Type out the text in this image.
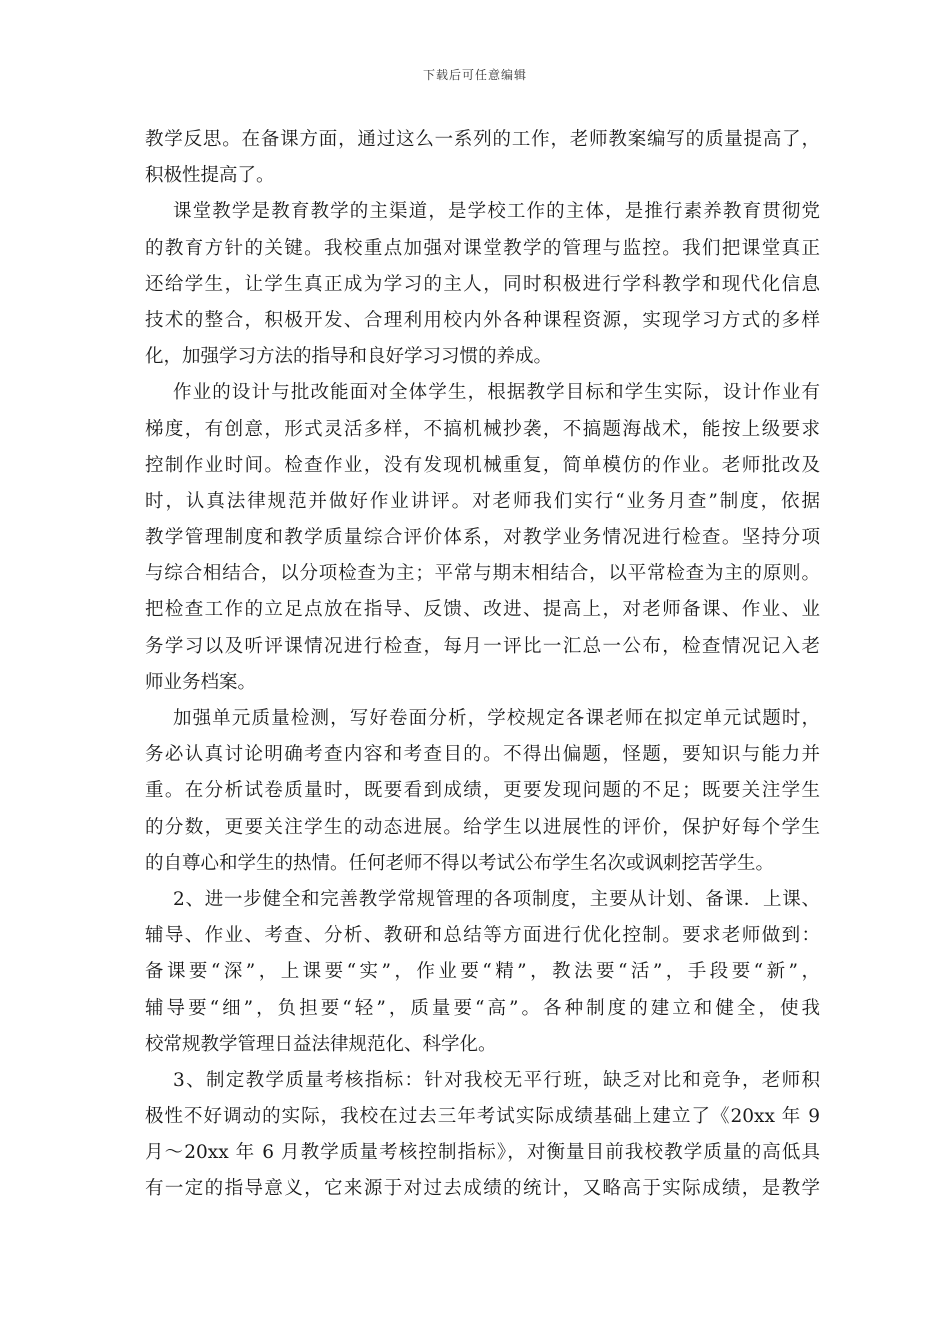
下载后可任意编辑
教学反思。在备课方面，通过这么一系列的工作，老师教案编写的质量提高了，
积极性提高了。
课堂教学是教育教学的主渠道，是学校工作的主体，是推行素养教育贯彻党
的教育方针的关键。我校重点加强对课堂教学的管理与监控。我们把课堂真正
还给学生，让学生真正成为学习的主人，同时积极进行学科教学和现代化信息
技术的整合，积极开发、合理利用校内外各种课程资源，实现学习方式的多样
化，加强学习方法的指导和良好学习习惯的养成。
作业的设计与批改能面对全体学生，根据教学目标和学生实际，设计作业有
梯度，有创意，形式灵活多样，不搞机械抄袭，不搞题海战术，能按上级要求
控制作业时间。检查作业，没有发现机械重复，简单模仿的作业。老师批改及
时，认真法律规范并做好作业讲评。对老师我们实行“业务月查”制度，依据
教学管理制度和教学质量综合评价体系，对教学业务情况进行检查。坚持分项
与综合相结合，以分项检查为主；平常与期末相结合，以平常检查为主的原则。
把检查工作的立足点放在指导、反馈、改进、提高上，对老师备课、作业、业
务学习以及听评课情况进行检查，每月一评比一汇总一公布，检查情况记入老
师业务档案。
加强单元质量检测，写好卷面分析，学校规定各课老师在拟定单元试题时，
务必认真讨论明确考查内容和考查目的。不得出偏题，怪题，要知识与能力并
重。在分析试卷质量时，既要看到成绩，更要发现问题的不足；既要关注学生
的分数，更要关注学生的动态进展。给学生以进展性的评价，保护好每个学生
的自尊心和学生的热情。任何老师不得以考试公布学生名次或讽刺挖苦学生。
2、进一步健全和完善教学常规管理的各项制度，主要从计划、备课．上课、
辅导、作业、考查、分析、教研和总结等方面进行优化控制。要求老师做到：
备课要“深”，上课要“实”，作业要“精”，教法要“活”，手段要“新”，
辅导要“细”，负担要“轻”，质量要“高”。各种制度的建立和健全，使我
校常规教学管理日益法律规范化、科学化。
3、制定教学质量考核指标：针对我校无平行班，缺乏对比和竞争，老师积
极性不好调动的实际，我校在过去三年考试实际成绩基础上建立了《20xx 年 9
月～20xx 年 6 月教学质量考核控制指标》，对衡量目前我校教学质量的高低具
有一定的指导意义，它来源于对过去成绩的统计，又略高于实际成绩，是教学
